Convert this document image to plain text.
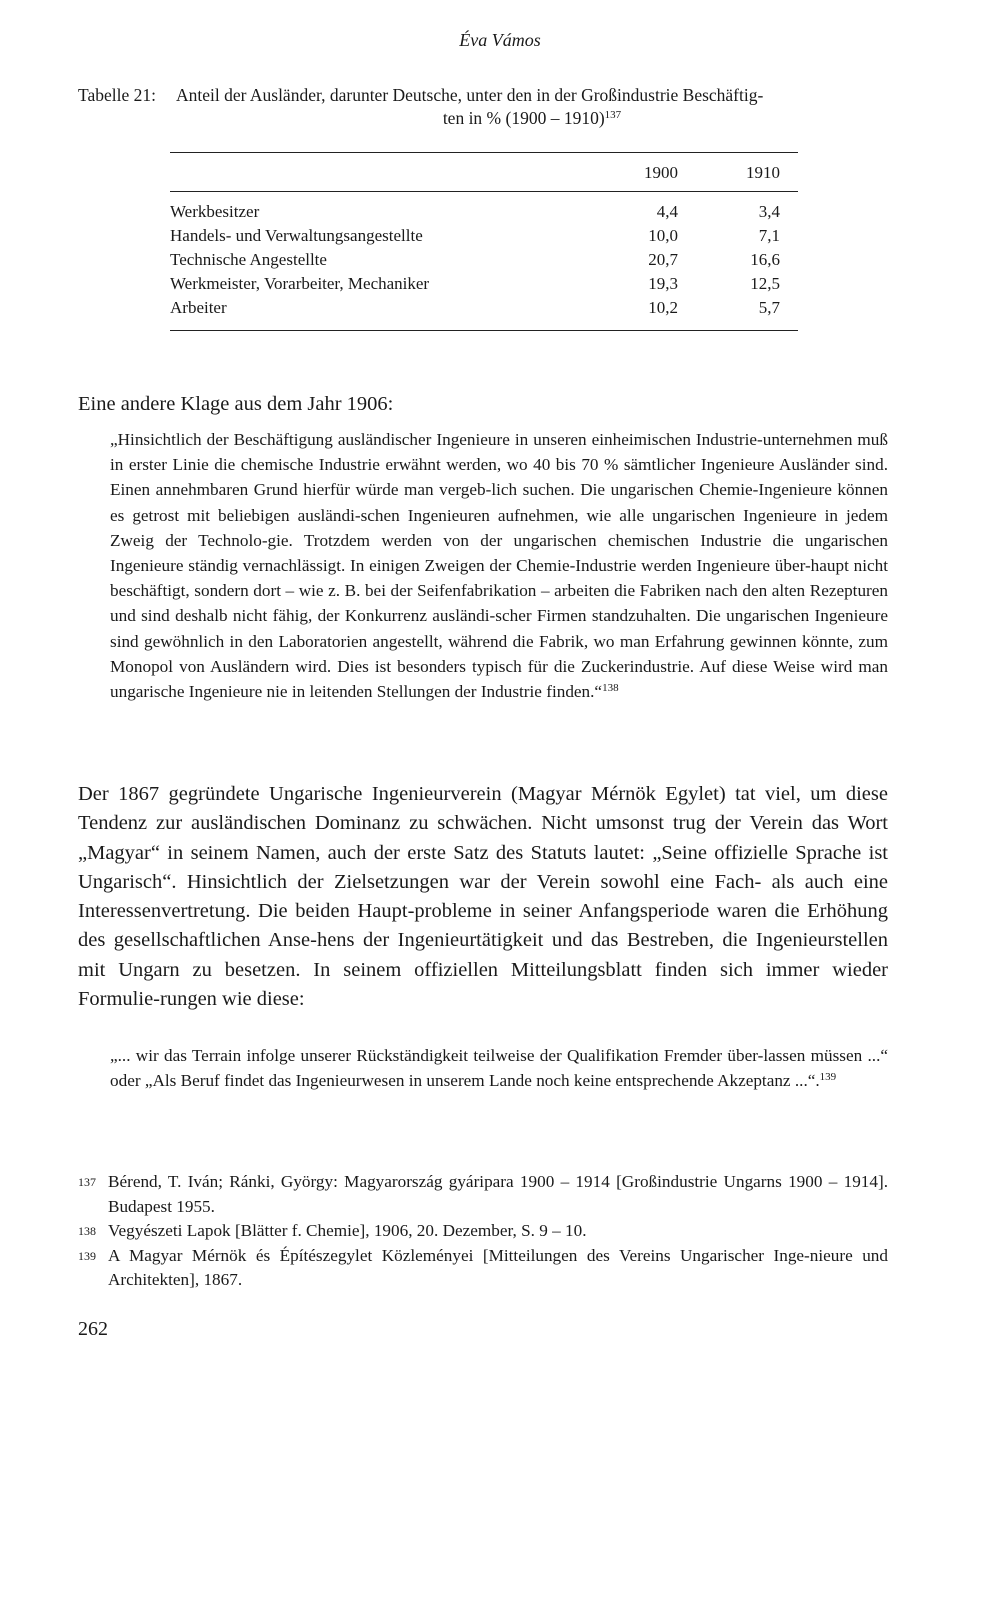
Éva Vámos
Tabelle 21:	Anteil der Ausländer, darunter Deutsche, unter den in der Großindustrie Beschäftig-
ten in % (1900 – 1910)$^{137}$
1900	1910
Werkbesitzer	4,4	3,4
Handels- und Verwaltungsangestellte	10,0	7,1
Technische Angestellte	20,7	16,6
Werkmeister, Vorarbeiter, Mechaniker	19,3	12,5
Arbeiter	10,2	5,7
Eine andere Klage aus dem Jahr 1906:
„Hinsichtlich der Beschäftigung ausländischer Ingenieure in unseren einheimischen Industrie-unternehmen muß in erster Linie die chemische Industrie erwähnt werden, wo 40 bis 70 % sämtlicher Ingenieure Ausländer sind. Einen annehmbaren Grund hierfür würde man vergeb-lich suchen. Die ungarischen Chemie-Ingenieure können es getrost mit beliebigen ausländi-schen Ingenieuren aufnehmen, wie alle ungarischen Ingenieure in jedem Zweig der Technolo-gie. Trotzdem werden von der ungarischen chemischen Industrie die ungarischen Ingenieure ständig vernachlässigt. In einigen Zweigen der Chemie-Industrie werden Ingenieure über-haupt nicht beschäftigt, sondern dort – wie z. B. bei der Seifenfabrikation – arbeiten die Fabriken nach den alten Rezepturen und sind deshalb nicht fähig, der Konkurrenz ausländi-scher Firmen standzuhalten. Die ungarischen Ingenieure sind gewöhnlich in den Laboratorien angestellt, während die Fabrik, wo man Erfahrung gewinnen könnte, zum Monopol von Ausländern wird. Dies ist besonders typisch für die Zuckerindustrie. Auf diese Weise wird man ungarische Ingenieure nie in leitenden Stellungen der Industrie finden.“$^{138}$
Der 1867 gegründete Ungarische Ingenieurverein (Magyar Mérnök Egylet) tat viel, um diese Tendenz zur ausländischen Dominanz zu schwächen. Nicht umsonst trug der Verein das Wort „Magyar“ in seinem Namen, auch der erste Satz des Statuts lautet: „Seine offizielle Sprache ist Ungarisch“. Hinsichtlich der Zielsetzungen war der Verein sowohl eine Fach- als auch eine Interessenvertretung. Die beiden Haupt-probleme in seiner Anfangsperiode waren die Erhöhung des gesellschaftlichen Anse-hens der Ingenieurtätigkeit und das Bestreben, die Ingenieurstellen mit Ungarn zu besetzen. In seinem offiziellen Mitteilungsblatt finden sich immer wieder Formulie-rungen wie diese:
„... wir das Terrain infolge unserer Rückständigkeit teilweise der Qualifikation Fremder über-lassen müssen ...“ oder „Als Beruf findet das Ingenieurwesen in unserem Lande noch keine entsprechende Akzeptanz ...“.$^{139}$
137 Bérend, T. Iván; Ránki, György: Magyarország gyáripara 1900 – 1914 [Großindustrie Ungarns 1900 – 1914]. Budapest 1955.
138 Vegyészeti Lapok [Blätter f. Chemie], 1906, 20. Dezember, S. 9 – 10.
139 A Magyar Mérnök és Építészegylet Közleményei [Mitteilungen des Vereins Ungarischer Inge-nieure und Architekten], 1867.
262
